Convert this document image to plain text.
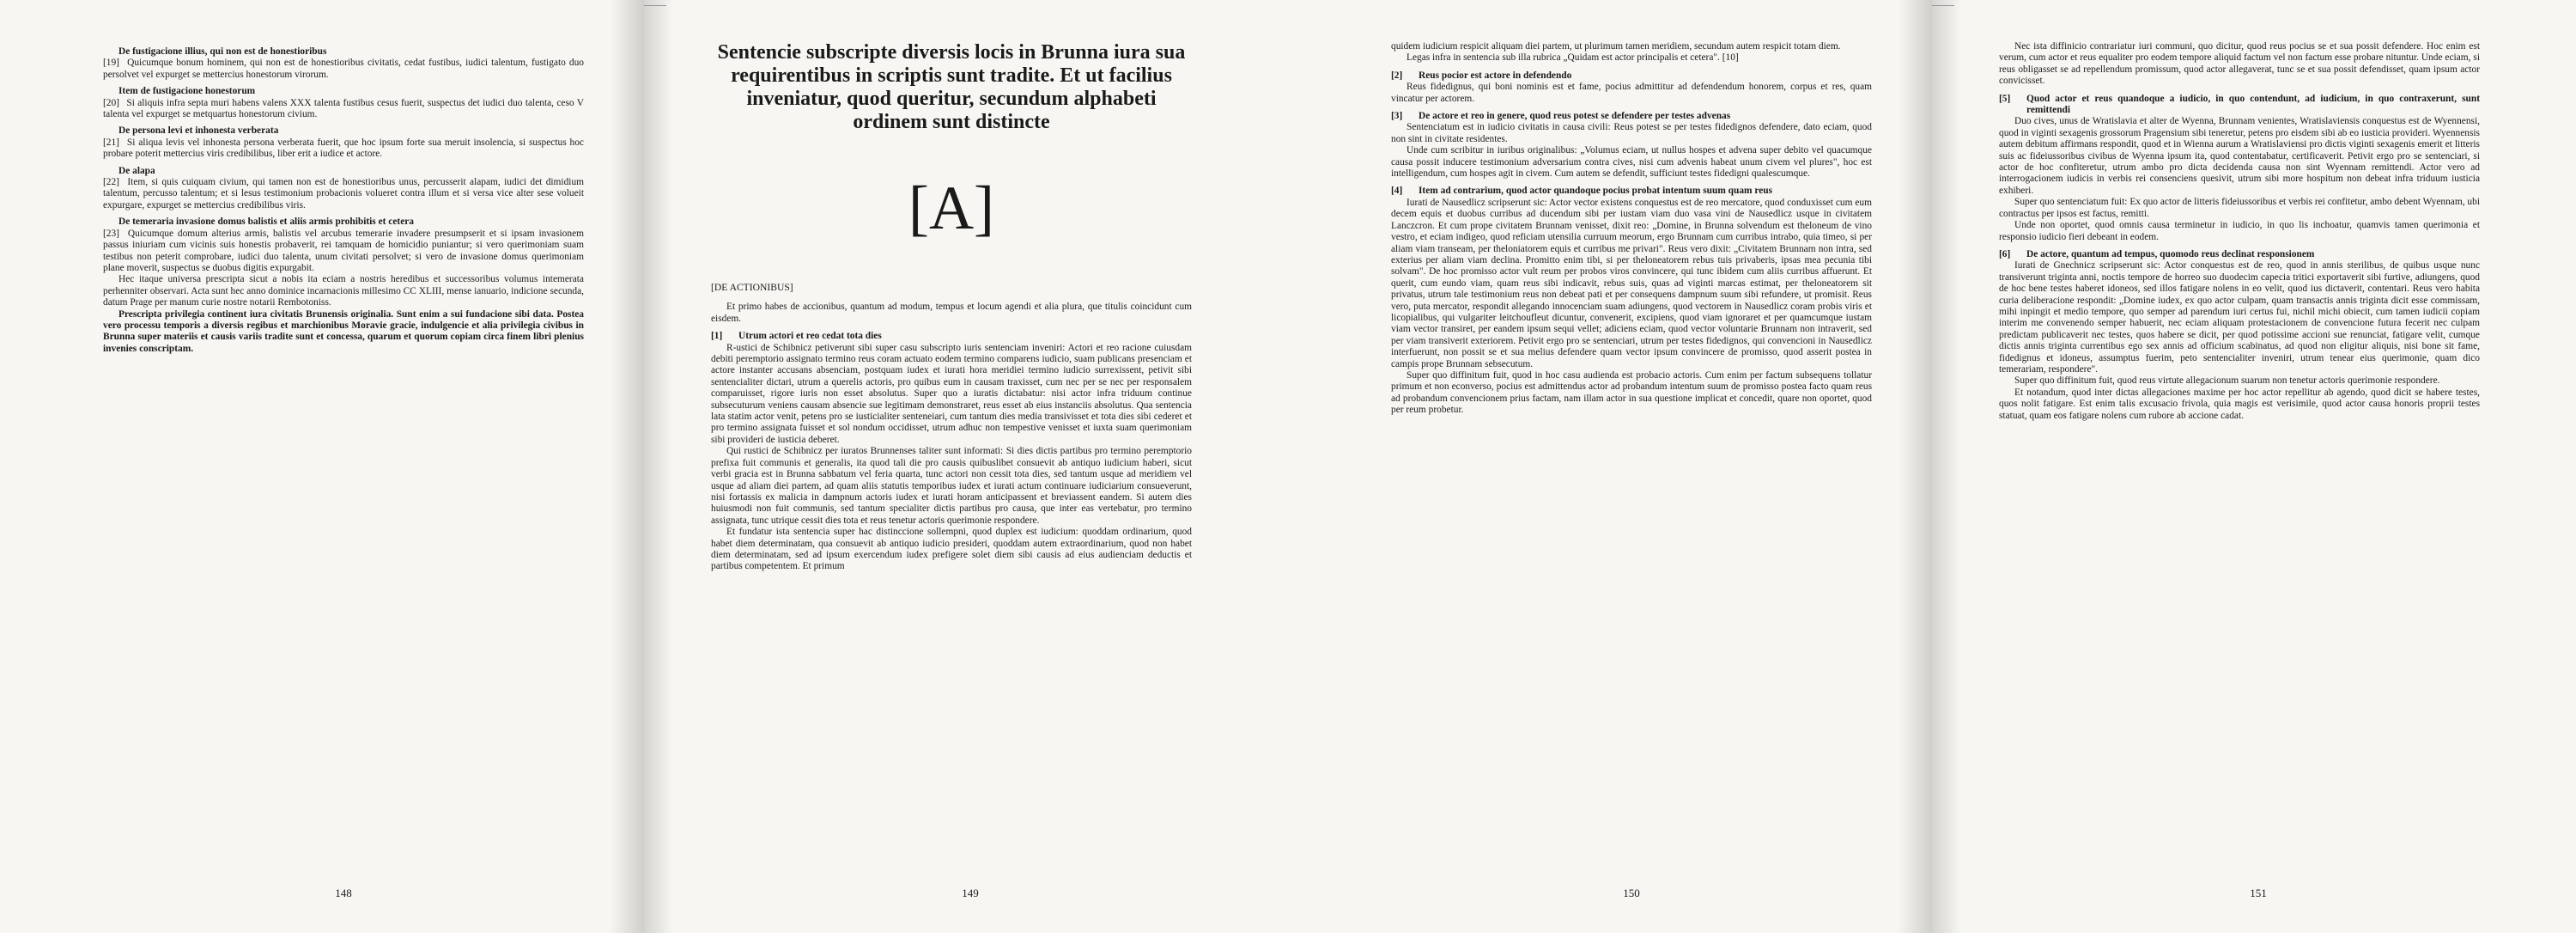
De fustigacione illius, qui non est de honestioribus

[19] Quicumque bonum hominem, qui non est de honestioribus civitatis, cedat fustibus, iudici talentum, fustigato duo persolvet vel expurget se mettercius honestorum virorum.

Item de fustigacione honestorum

[20] Si aliquis infra septa muri habens valens XXX talenta fustibus cesus fuerit, suspectus det iudici duo talenta, ceso V talenta vel expurget se metquartus honestorum civium.

De persona levi et inhonesta verberata

[21] Si aliqua levis vel inhonesta persona verberata fuerit, que hoc ipsum forte sua meruit insolencia, si suspectus hoc probare poterit mettercius viris credibilibus, liber erit a iudice et actore.

De alapa

[22] Item, si quis cuiquam civium, qui tamen non est de honestioribus unus, percusserit alapam, iudici det dimidium talentum, percusso talentum; et si lesus testimonium probacionis volueret contra illum et si versa vice alter sese volueit expurgare, expurget se mettercius credibilibus viris.

De temeraria invasione domus balistis et aliis armis prohibitis et cetera

[23] Quicumque domum alterius armis, balistis vel arcubus temerarie invadere presumpserit et si ipsam invasionem passus iniuriam cum vicinis suis honestis probaverit, rei tamquam de homicidio puniantur; si vero querimoniam suam testibus non peterit comprobare, iudici duo talenta, unum civitati persolvet; si vero de invasione domus querimoniam plane moverit, suspectus se duobus digitis expurgabit.

Hec itaque universa prescripta sicut a nobis ita eciam a nostris heredibus et successoribus volumus intemerata perhenniter observari. Acta sunt hec anno dominice incarnacionis millesimo CC XLIII, mense ianuario, indicione secunda, datum Prage per manum curie nostre notarii Rembotoniss.

Prescripta privilegia continent iura civitatis Brunensis originalia. Sunt enim a sui fundacione sibi data. Postea vero processu temporis a diversis regibus et marchionibus Moravie gracie, indulgencie et alia privilegia civibus in Brunna super materiis et causis variis tradite sunt et concessa, quarum et quorum copiam circa finem libri plenius invenies conscriptam.

148
Sentencie subscripte diversis locis in Brunna iura sua requirentibus in scriptis sunt tradite. Et ut facilius inveniatur, quod queritur, secundum alphabeti ordinem sunt distincte
[A]
[DE ACTIONIBUS]

Et primo habes de accionibus, quantum ad modum, tempus et locum agendi et alia plura, que titulis coincidunt cum eisdem.

[1]	Utrum actori et reo cedat tota dies

R-ustici de Schibnicz petiverunt sibi super casu subscripto iuris sentenciam inveniri: Actori et reo racione cuiusdam debiti peremptorio assignato termino reus coram actuato eodem termino comparens iudicio, suam publicans presenciam et actore instanter accusans absenciam, postquam iudex et iurati hora meridiei termino iudicio surrexissent, petivit sibi sentencialiter dictari, utrum a querelis actoris, pro quibus eum in causam traxisset, cum nec per se nec per responsalem comparuisset, rigore iuris non esset absolutus. Super quo a iuratis dictabatur: nisi actor infra triduum continue subsecuturum veniens causam absencie sue legitimam demonstraret, reus esset ab eius instanciis absolutus. Qua sentencia lata statim actor venit, petens pro se iusticialiter senteneiari, cum tantum dies media transivisset et tota dies sibi cederet et pro termino assignata fuisset et sol nondum occidisset, utrum adhuc non tempestive venisset et iuxta suam querimoniam sibi provideri de iusticia deberet.

Qui rustici de Schibnicz per iuratos Brunnenses taliter sunt informati: Si dies dictis partibus pro termino peremptorio prefixa fuit communis et generalis, ita quod tali die pro causis quibuslibet consuevit ab antiquo iudicium haberi, sicut verbi gracia est in Brunna sabbatum vel feria quarta, tunc actori non cessit tota dies, sed tantum usque ad meridiem vel usque ad aliam diei partem, ad quam aliis statutis temporibus iudex et iurati actum continuare iudiciarium consueverunt, nisi fortassis ex malicia in dampnum actoris iudex et iurati horam anticipassent et breviassent eandem. Si autem dies huiusmodi non fuit communis, sed tantum specialiter dictis partibus pro causa, que inter eas vertebatur, pro termino assignata, tunc utrique cessit dies tota et reus tenetur actoris querimonie respondere.

Et fundatur ista sentencia super hac distinccione sollempni, quod duplex est iudicium: quoddam ordinarium, quod habet diem determinatam, qua consuevit ab antiquo iudicio presideri, quoddam autem extraordinarium, quod non habet diem determinatam, sed ad ipsum exercendum iudex prefigere solet diem sibi causis ad eius audienciam deductis et partibus competentem. Et primum

149

quidem iudicium respicit aliquam diei partem, ut plurimum tamen meridiem, secundum autem respicit totam diem.

Legas infra in sentencia sub illa rubrica „Quidam est actor principalis et cetera". [10]

[2]	Reus pocior est actore in defendendo

Reus fidedignus, qui boni nominis est et fame, pocius admittitur ad defendendum honorem, corpus et res, quam vincatur per actorem.

[3]	De actore et reo in genere, quod reus potest se defendere per testes advenas

Sentenciatum est in iudicio civitatis in causa civili: Reus potest se per testes fidedignos defendere, dato eciam, quod non sint in civitate residentes.

Unde cum scribitur in iuribus originalibus: „Volumus eciam, ut nullus hospes et advena super debito vel quacumque causa possit inducere testimonium adversarium contra cives, nisi cum advenis habeat unum civem vel plures", hoc est intelligendum, cum hospes agit in civem. Cum autem se defendit, sufficiunt testes fidedigni qualescumque.

[4]	Item ad contrarium, quod actor quandoque pocius probat intentum suum quam reus

Iurati de Nausedlicz scripserunt sic: Actor vector existens conquestus est de reo mercatore, quod conduxisset cum eum decem equis et duobus curribus ad ducendum sibi per iustam viam duo vasa vini de Nausedlicz usque in civitatem Lanczcron. Et cum prope civitatem Brunnam venisset, dixit reo: „Domine, in Brunna solvendum est theloneum de vino vestro, et eciam indigeo, quod reficiam utensilia curruum meorum, ergo Brunnam cum curribus intrabo, quia timeo, si per aliam viam transeam, per theloniatorem equis et curribus me privari". Reus vero dixit: „Civitatem Brunnam non intra, sed exterius per aliam viam declina. Promitto enim tibi, si per theloneatorem rebus tuis privaberis, ipsas mea pecunia tibi solvam". De hoc promisso actor vult reum per probos viros convincere, qui tunc ibidem cum aliis curribus affuerunt. Et querit, cum eundo viam, quam reus sibi indicavit, rebus suis, quas ad viginti marcas estimat, per theloneatorem sit privatus, utrum tale testimonium reus non debeat pati et per consequens dampnum suum sibi refundere, ut promisit. Reus vero, puta mercator, respondit allegando innocenciam suam adiungens, quod vectorem in Nausedlicz coram probis viris et licopialibus, qui vulgariter leitchoufleut dicuntur, convenerit, excipiens, quod viam ignoraret et per quamcumque iustam viam vector transiret, per eandem ipsum sequi vellet; adiciens eciam, quod vector voluntarie Brunnam non intraverit, sed per viam transiverit exteriorem. Petivit ergo pro se sentenciari, utrum per testes fidedignos, qui convencioni in Nausedlicz interfuerunt, non possit se et sua melius defendere quam vector ipsum convincere de promisso, quod asserit postea in campis prope Brunnam sebsecutum.

Super quo diffinitum fuit, quod in hoc casu audienda est probacio actoris. Cum enim per factum subsequens tollatur primum et non econverso, pocius est admittendus actor ad probandum intentum suum de promisso postea facto quam reus ad probandum convencionem prius factam, nam illam actor in sua questione implicat et concedit, quare non oportet, quod per reum probetur.

150

Nec ista diffinicio contrariatur iuri communi, quo dicitur, quod reus pocius se et sua possit defendere. Hoc enim est verum, cum actor et reus equaliter pro eodem tempore aliquid factum vel non factum esse probare nituntur. Unde eciam, si reus obligasset se ad repellendum promissum, quod actor allegaverat, tunc se et sua possit defendisset, quam ipsum actor convicisset.

[5]	Quod actor et reus quandoque a iudicio, in quo contendunt, ad iudicium, in quo contraxerunt, sunt remittendi

Duo cives, unus de Wratislavia et alter de Wyenna, Brunnam venientes, Wratislaviensis conquestus est de Wyennensi, quod in viginti sexagenis grossorum Pragensium sibi teneretur, petens pro eisdem sibi ab eo iusticia provideri. Wyennensis autem debitum affirmans respondit, quod et in Wienna aurum a Wratislaviensi pro dictis viginti sexagenis emerit et litteris suis ac fideiussoribus civibus de Wyenna ipsum ita, quod contentabatur, certificaverit. Petivit ergo pro se sentenciari, si actor de hoc confiteretur, utrum ambo pro dicta decidenda causa non sint Wyennam remittendi. Actor vero ad interrogacionem iudicis in verbis rei consenciens quesivit, utrum sibi more hospitum non debeat infra triduum iusticia exhiberi.

Super quo sentenciatum fuit: Ex quo actor de litteris fideiussoribus et verbis rei confitetur, ambo debent Wyennam, ubi contractus per ipsos est factus, remitti.

Unde non oportet, quod omnis causa terminetur in iudicio, in quo lis inchoatur, quamvis tamen querimonia et responsio iudicio fieri debeant in eodem.

[6]	De actore, quantum ad tempus, quomodo reus declinat responsionem

Iurati de Gnechnicz scripserunt sic: Actor conquestus est de reo, quod in annis sterilibus, de quibus usque nunc transiverunt triginta anni, noctis tempore de horreo suo duodecim capecia tritici exportaverit sibi furtive, adiungens, quod de hoc bene testes haberet idoneos, sed illos fatigare nolens in eo velit, quod ius dictaverit, contentari. Reus vero habita curia deliberacione respondit: „Domine iudex, ex quo actor culpam, quam transactis annis triginta dicit esse commissam, mihi inpingit et medio tempore, quo semper ad parendum iuri certus fui, nichil michi obiecit, cum tamen iudicii copiam interim me convenendo semper habuerit, nec eciam aliquam protestacionem de convencione futura fecerit nec culpam predictam publicaverit nec testes, quos habere se dicit, per quod potissime accioni sue renunciat, fatigare velit, cumque dictis annis triginta currentibus ego sex annis ad officium scabinatus, ad quod non eligitur aliquis, nisi bone sit fame, fidedignus et idoneus, assumptus fuerim, peto sentencialiter inveniri, utrum tenear eius querimonie, quam dico temerariam, respondere".

Super quo diffinitum fuit, quod reus virtute allegacionum suarum non tenetur actoris querimonie respondere.

Et notandum, quod inter dictas allegaciones maxime per hoc actor repellitur ab agendo, quod dicit se habere testes, quos nolit fatigare. Est enim talis excusacio frivola, quia magis est verisimile, quod actor causa honoris proprii testes statuat, quam eos fatigare nolens cum rubore ab accione cadat.

151
